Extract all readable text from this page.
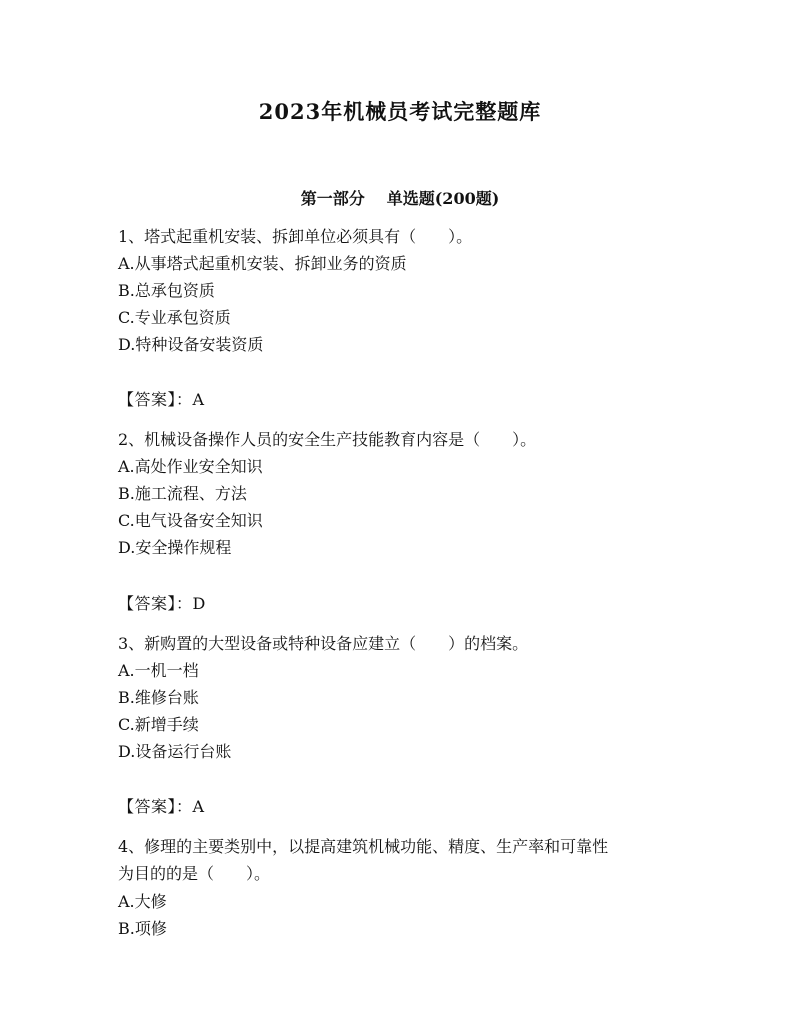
2023年机械员考试完整题库
第一部分 单选题(200题)
1、塔式起重机安装、拆卸单位必须具有（　　）。
A.从事塔式起重机安装、拆卸业务的资质
B.总承包资质
C.专业承包资质
D.特种设备安装资质
【答案】：A
2、机械设备操作人员的安全生产技能教育内容是（　　）。
A.高处作业安全知识
B.施工流程、方法
C.电气设备安全知识
D.安全操作规程
【答案】：D
3、新购置的大型设备或特种设备应建立（　　）的档案。
A.一机一档
B.维修台账
C.新增手续
D.设备运行台账
【答案】：A
4、修理的主要类别中，以提高建筑机械功能、精度、生产率和可靠性
为目的的是（　　）。
A.大修
B.项修
